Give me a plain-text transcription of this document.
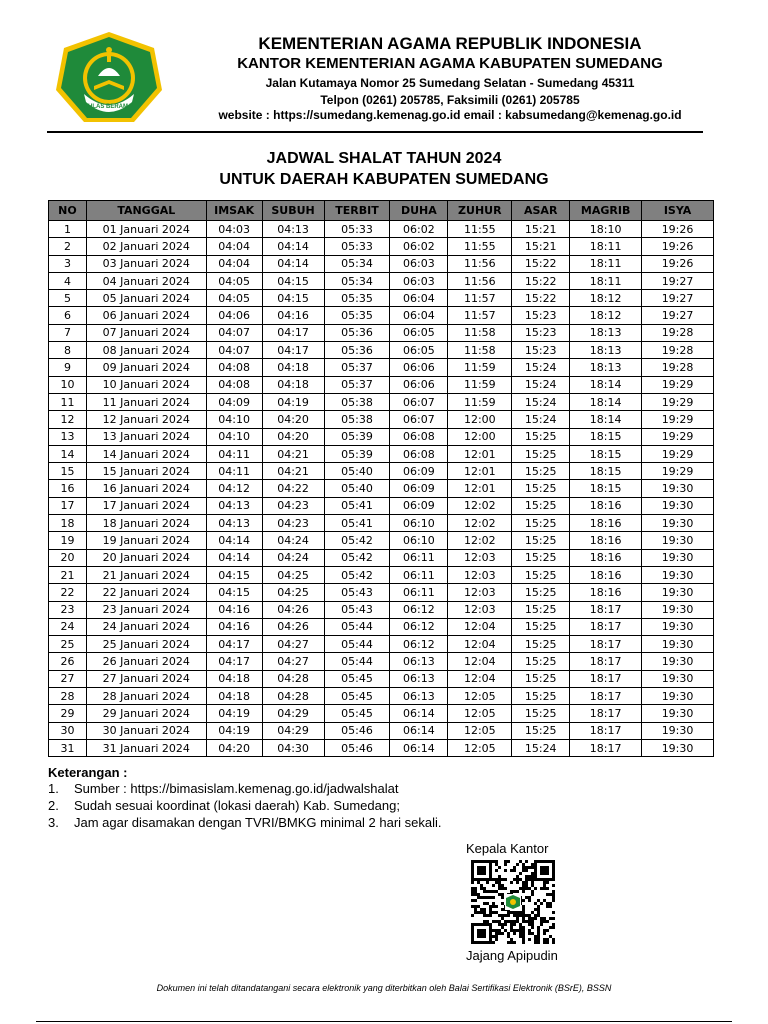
IKHLAS BERAMAL
KEMENTERIAN AGAMA REPUBLIK INDONESIA
KANTOR KEMENTERIAN AGAMA KABUPATEN SUMEDANG
Jalan Kutamaya Nomor 25 Sumedang Selatan - Sumedang 45311
Telpon (0261) 205785, Faksimili (0261) 205785
website : https://sumedang.kemenag.go.id email : kabsumedang@kemenag.go.id
JADWAL SHALAT TAHUN 2024
UNTUK DAERAH KABUPATEN SUMEDANG
NO	TANGGAL	IMSAK	SUBUH	TERBIT	DUHA	ZUHUR	ASAR	MAGRIB	ISYA
1	01 Januari 2024	04:03	04:13	05:33	06:02	11:55	15:21	18:10	19:26
2	02 Januari 2024	04:04	04:14	05:33	06:02	11:55	15:21	18:11	19:26
3	03 Januari 2024	04:04	04:14	05:34	06:03	11:56	15:22	18:11	19:26
4	04 Januari 2024	04:05	04:15	05:34	06:03	11:56	15:22	18:11	19:27
5	05 Januari 2024	04:05	04:15	05:35	06:04	11:57	15:22	18:12	19:27
6	06 Januari 2024	04:06	04:16	05:35	06:04	11:57	15:23	18:12	19:27
7	07 Januari 2024	04:07	04:17	05:36	06:05	11:58	15:23	18:13	19:28
8	08 Januari 2024	04:07	04:17	05:36	06:05	11:58	15:23	18:13	19:28
9	09 Januari 2024	04:08	04:18	05:37	06:06	11:59	15:24	18:13	19:28
10	10 Januari 2024	04:08	04:18	05:37	06:06	11:59	15:24	18:14	19:29
11	11 Januari 2024	04:09	04:19	05:38	06:07	11:59	15:24	18:14	19:29
12	12 Januari 2024	04:10	04:20	05:38	06:07	12:00	15:24	18:14	19:29
13	13 Januari 2024	04:10	04:20	05:39	06:08	12:00	15:25	18:15	19:29
14	14 Januari 2024	04:11	04:21	05:39	06:08	12:01	15:25	18:15	19:29
15	15 Januari 2024	04:11	04:21	05:40	06:09	12:01	15:25	18:15	19:29
16	16 Januari 2024	04:12	04:22	05:40	06:09	12:01	15:25	18:15	19:30
17	17 Januari 2024	04:13	04:23	05:41	06:09	12:02	15:25	18:16	19:30
18	18 Januari 2024	04:13	04:23	05:41	06:10	12:02	15:25	18:16	19:30
19	19 Januari 2024	04:14	04:24	05:42	06:10	12:02	15:25	18:16	19:30
20	20 Januari 2024	04:14	04:24	05:42	06:11	12:03	15:25	18:16	19:30
21	21 Januari 2024	04:15	04:25	05:42	06:11	12:03	15:25	18:16	19:30
22	22 Januari 2024	04:15	04:25	05:43	06:11	12:03	15:25	18:16	19:30
23	23 Januari 2024	04:16	04:26	05:43	06:12	12:03	15:25	18:17	19:30
24	24 Januari 2024	04:16	04:26	05:44	06:12	12:04	15:25	18:17	19:30
25	25 Januari 2024	04:17	04:27	05:44	06:12	12:04	15:25	18:17	19:30
26	26 Januari 2024	04:17	04:27	05:44	06:13	12:04	15:25	18:17	19:30
27	27 Januari 2024	04:18	04:28	05:45	06:13	12:04	15:25	18:17	19:30
28	28 Januari 2024	04:18	04:28	05:45	06:13	12:05	15:25	18:17	19:30
29	29 Januari 2024	04:19	04:29	05:45	06:14	12:05	15:25	18:17	19:30
30	30 Januari 2024	04:19	04:29	05:46	06:14	12:05	15:25	18:17	19:30
31	31 Januari 2024	04:20	04:30	05:46	06:14	12:05	15:24	18:17	19:30
Keterangan :
1.	Sumber : https://bimasislam.kemenag.go.id/jadwalshalat
2.	Sudah sesuai koordinat (lokasi daerah) Kab. Sumedang;
3.	Jam agar disamakan dengan TVRI/BMKG minimal 2 hari sekali.
Kepala Kantor
Jajang Apipudin
Dokumen ini telah ditandatangani secara elektronik yang diterbitkan oleh Balai Sertifikasi Elektronik (BSrE), BSSN
